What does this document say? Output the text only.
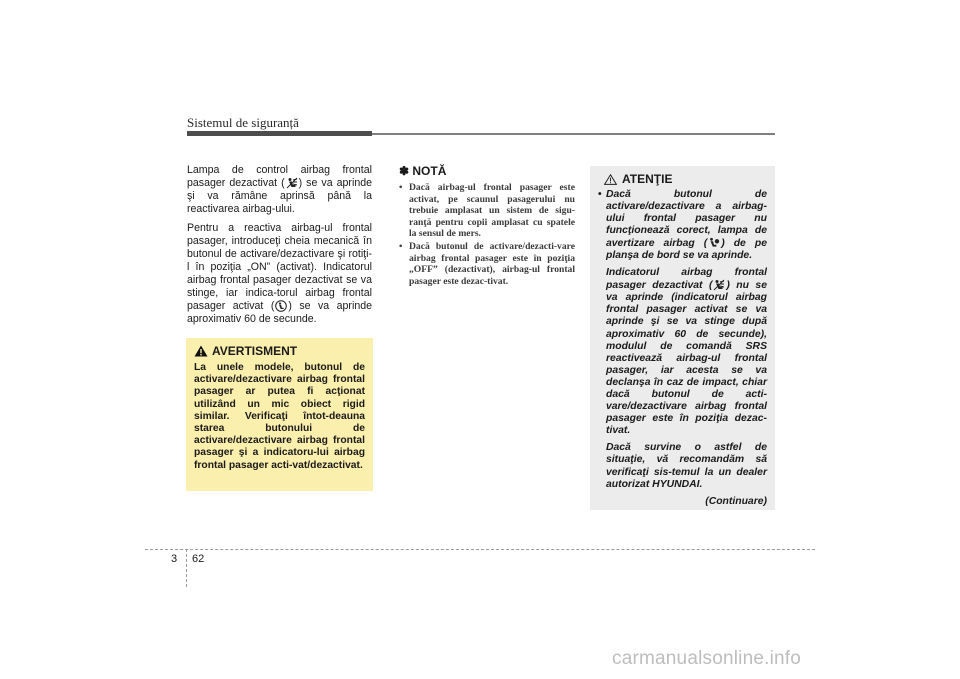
Sistemul de siguranță

Lampa de control airbag frontal pasager dezactivat ( ) se va aprinde şi va rămâne aprinsă până la reactivarea airbag-ului.

Pentru a reactiva airbag-ul frontal pasager, introduceţi cheia mecanică în butonul de activare/dezactivare şi rotiţi-l în poziţia „ON” (activat). Indicatorul airbag frontal pasager dezactivat se va stinge, iar indica-torul airbag frontal pasager activat ( ) se va aprinde aproximativ 60 de secunde.

AVERTISMENT
La unele modele, butonul de activare/dezactivare airbag frontal pasager ar putea fi acţionat utilizând un mic obiect rigid similar. Verificaţi întot-deauna starea butonului de activare/dezactivare airbag frontal pasager şi a indicatoru-lui airbag frontal pasager acti-vat/dezactivat.
✽ NOTĂ
• Dacă airbag-ul frontal pasager este activat, pe scaunul pasagerului nu trebuie amplasat un sistem de sigu-ranţă pentru copii amplasat cu spatele la sensul de mers.
• Dacă butonul de activare/dezacti-vare airbag frontal pasager este în poziţia „OFF” (dezactivat), airbag-ul frontal pasager este dezac-tivat.
ATENŢIE

• Dacă butonul de activare/dezactivare a airbag-ului frontal pasager nu funcţionează corect, lampa de avertizare airbag ( ) de pe planşa de bord se va aprinde.

Indicatorul airbag frontal pasager dezactivat ( ) nu se va aprinde (indicatorul airbag frontal pasager activat se va aprinde şi se va stinge după aproximativ 60 de secunde), modulul de comandă SRS reactivează airbag-ul frontal pasager, iar acesta se va declanşa în caz de impact, chiar dacă butonul de acti-vare/dezactivare airbag frontal pasager este în poziţia dezac-tivat.

Dacă survine o astfel de situaţie, vă recomandăm să verificaţi sis-temul la un dealer autorizat HYUNDAI.

(Continuare)
3 62
carmanualsonline.info
